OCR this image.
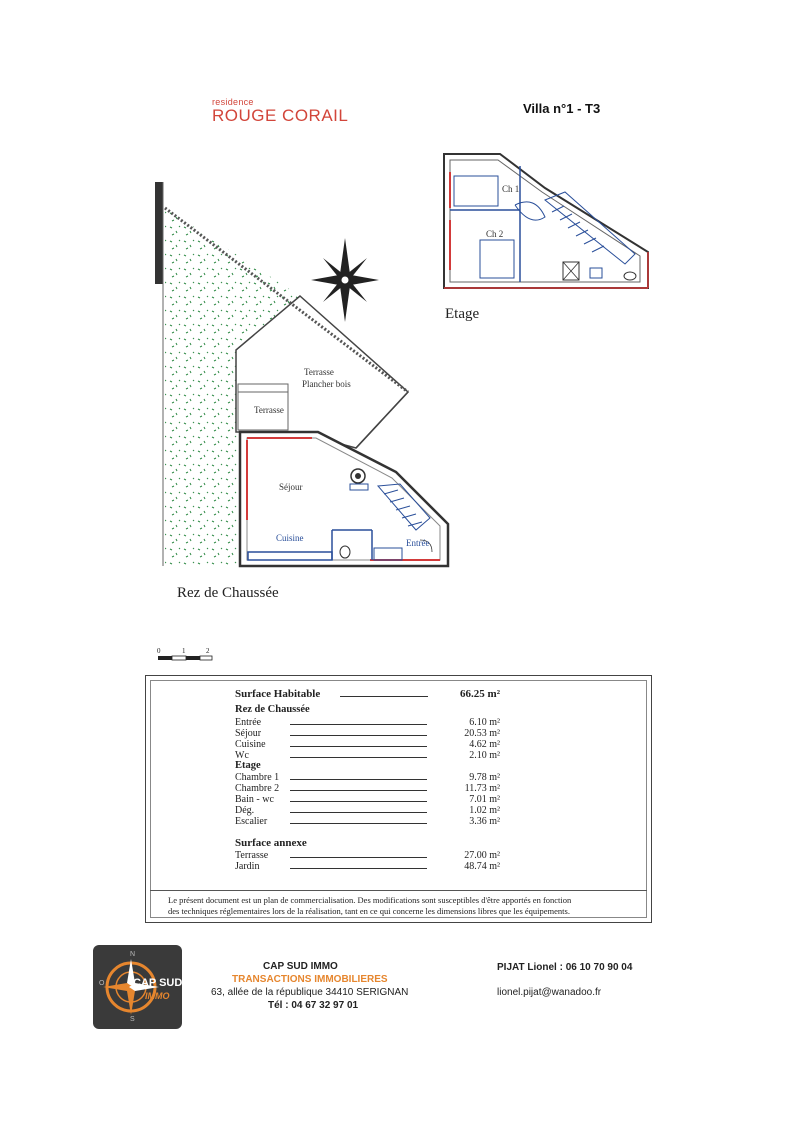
residence
ROUGE CORAIL	Villa n°1 - T3
Ch 1
Ch 2
Etage
Terrasse
Plancher bois
Terrasse
Séjour
Cuisine	Entrée
Rez de Chaussée
0	1	2
Surface Habitable	66.25 m²
Rez de Chaussée
Entrée	6.10 m²
Séjour	20.53 m²
Cuisine	4.62 m²
Wc	2.10 m²
Etage
Chambre 1	9.78 m²
Chambre 2	11.73 m²
Bain - wc	7.01 m²
Dég.	1.02 m²
Escalier	3.36 m²
Surface annexe
Terrasse	27.00 m²
Jardin	48.74 m²
Le présent document est un plan de commercialisation. Des modifications sont susceptibles d'être apportés en fonction
des techniques réglementaires lors de la réalisation, tant en ce qui concerne les dimensions libres que les équipements.
N
O
S
CAP SUD
IMMO
CAP SUD IMMO
TRANSACTIONS IMMOBILIERES
63, allée de la république 34410 SERIGNAN
Tél : 04 67 32 97 01
PIJAT Lionel : 06 10 70 90 04
lionel.pijat@wanadoo.fr
